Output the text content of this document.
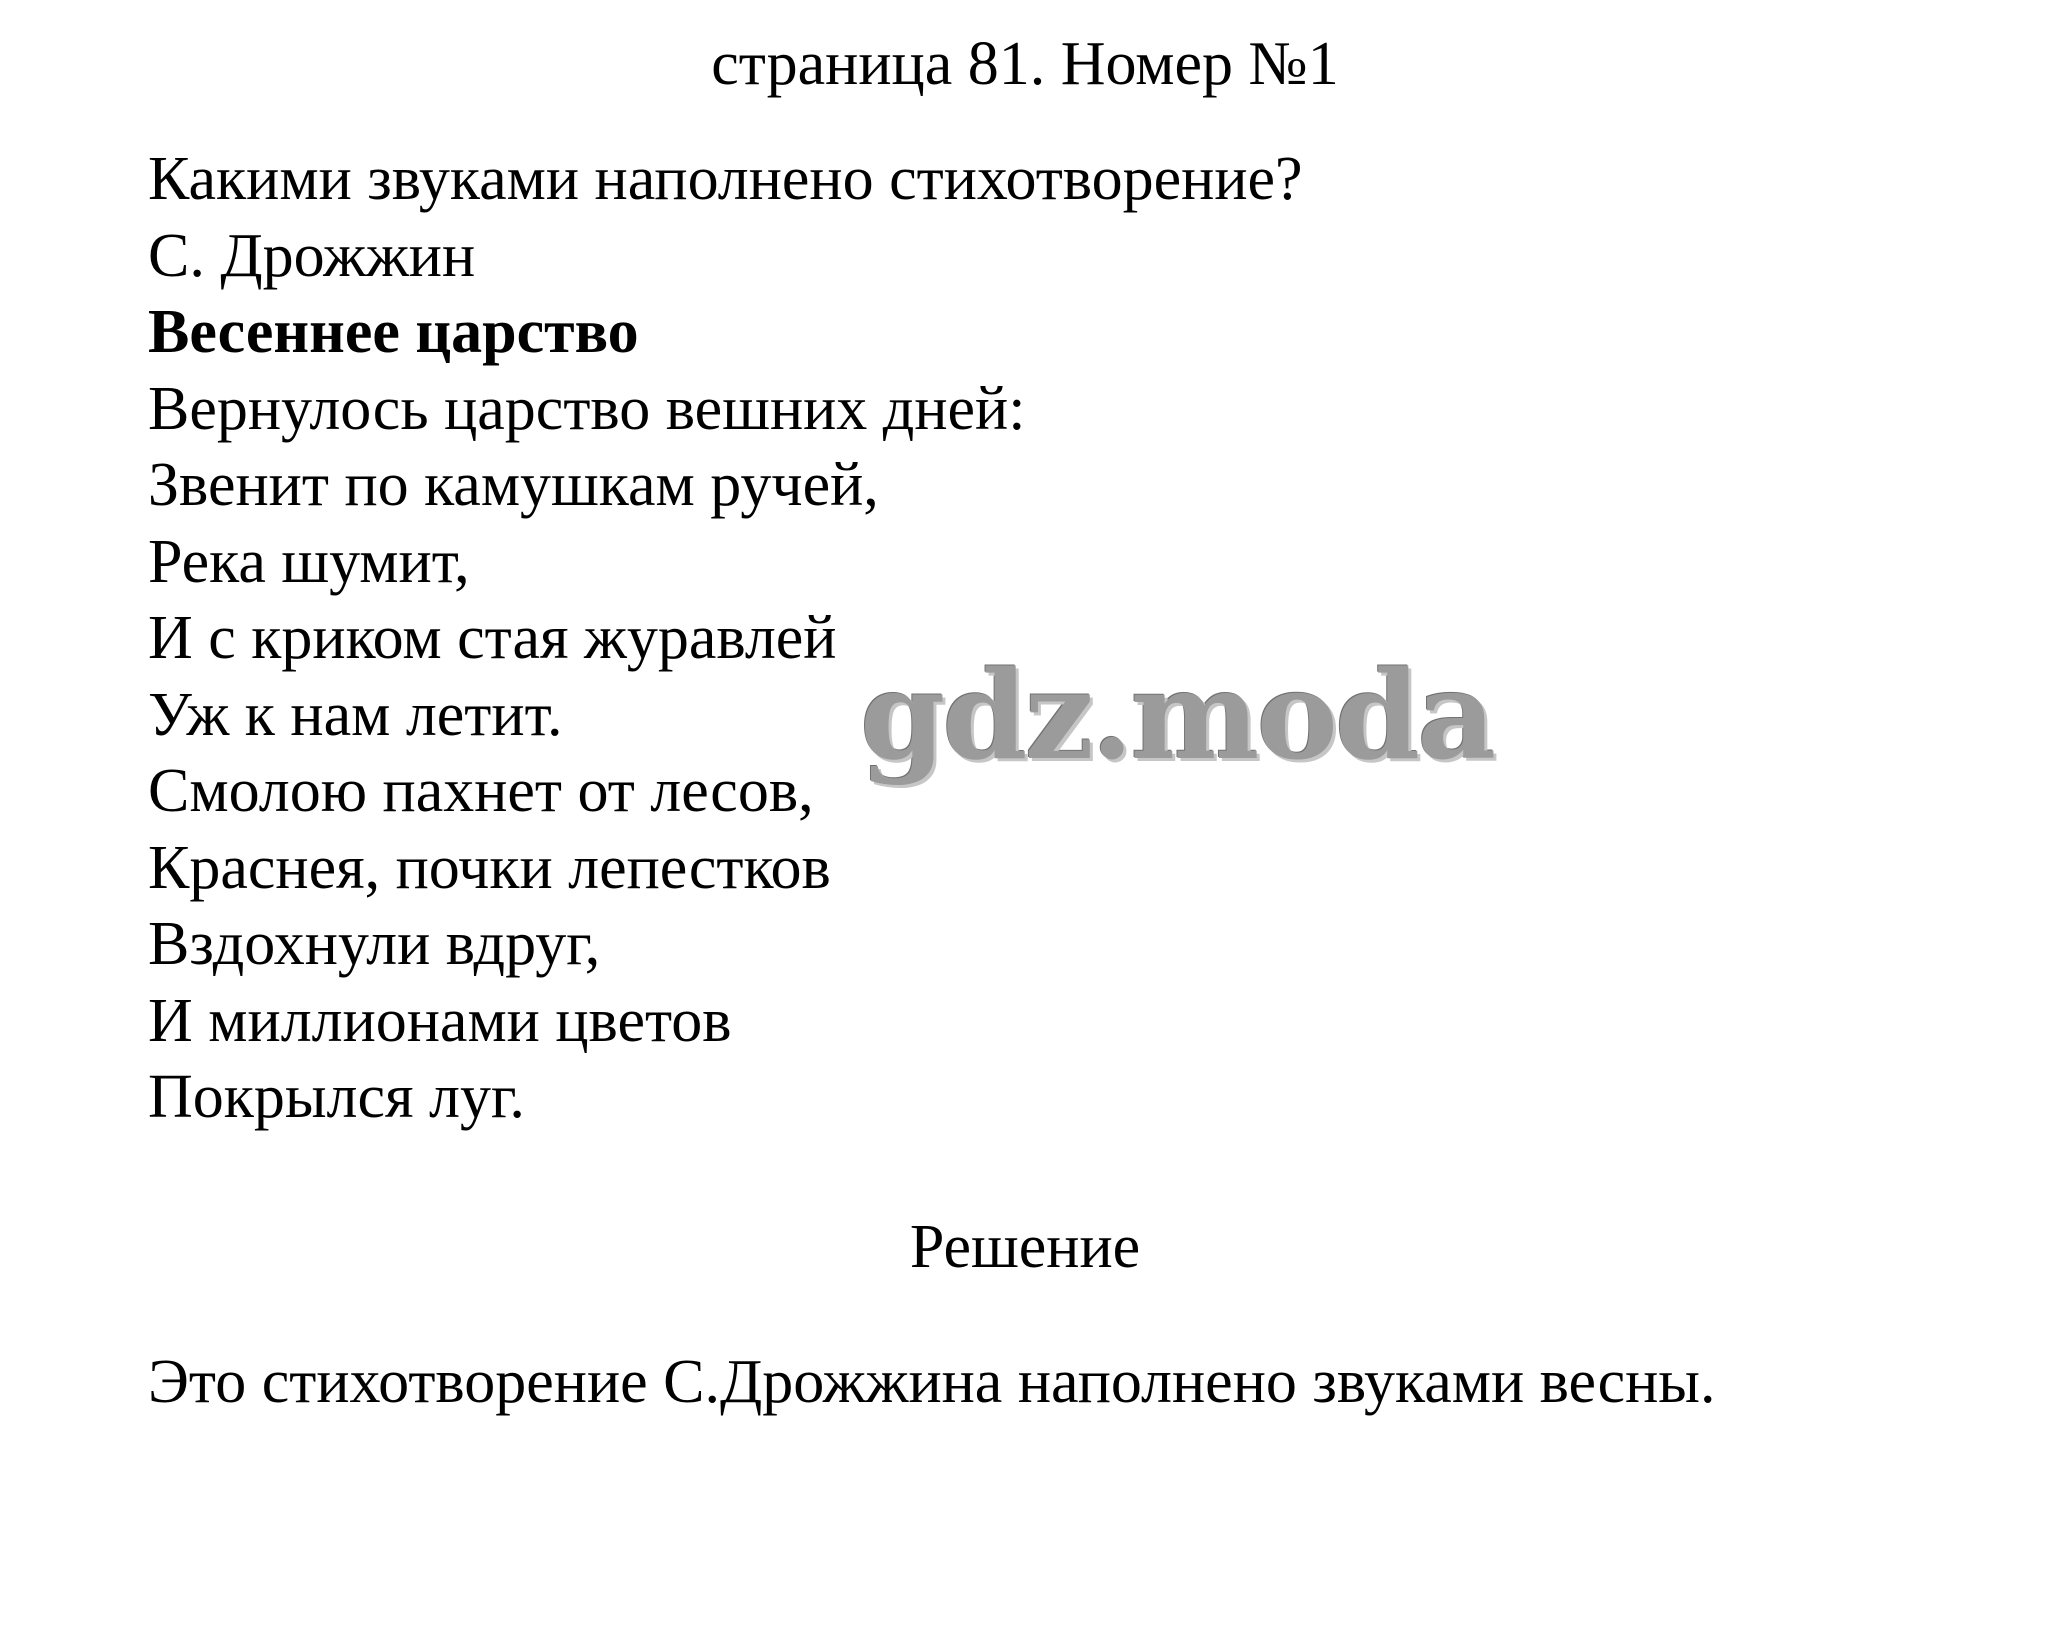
страница 81. Номер №1
Какими звуками наполнено стихотворение?
С. Дрожжин
Весеннее царство
Вернулось царство вешних дней:
Звенит по камушкам ручей,
Река шумит,
И с криком стая журавлей
Уж к нам летит.
Смолою пахнет от лесов,
Краснея, почки лепестков
Вздохнули вдруг,
И миллионами цветов
Покрылся луг.
gdz.moda
Решение
Это стихотворение С.Дрожжина наполнено звуками весны.
